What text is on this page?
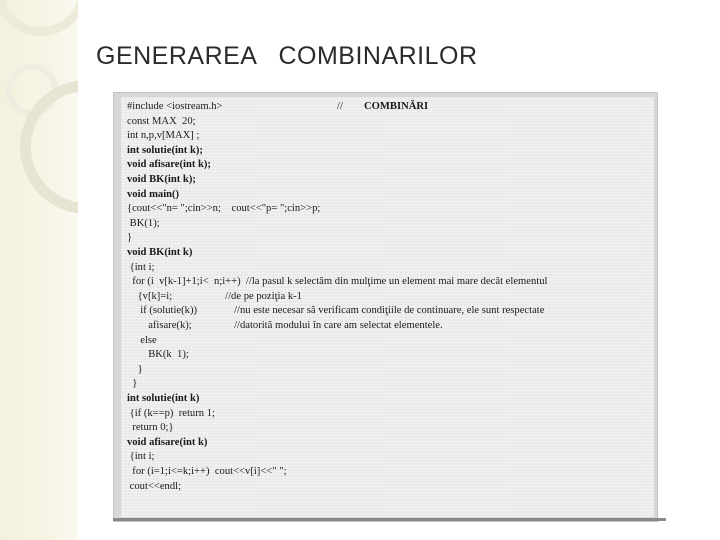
GENERAREA   COMBINARILOR
// COMBINĂRI
#include <iostream.h>
const MAX  20;
int n,p,v[MAX] ;
int solutie(int k);
void afisare(int k);
void BK(int k);
void main()
{cout<<"n= ";cin>>n;    cout<<"p= ";cin>>p;
BK(1);
}
void BK(int k)
{int i;
for (i  v[k-1]+1;i<  n;i++)  //la pasul k selectăm din mulţime un element mai mare decât elementul
{v[k]=i;                    //de pe poziţia k-1
if (solutie(k))              //nu este necesar să verificam condiţiile de continuare, ele sunt respectate
afisare(k);                //datorită modului în care am selectat elementele.
else
BK(k  1);
}
}
int solutie(int k)
{if (k==p)  return 1;
return 0;}
void afisare(int k)
{int i;
for (i=1;i<=k;i++)  cout<<v[i]<<" ";
cout<<endl;
